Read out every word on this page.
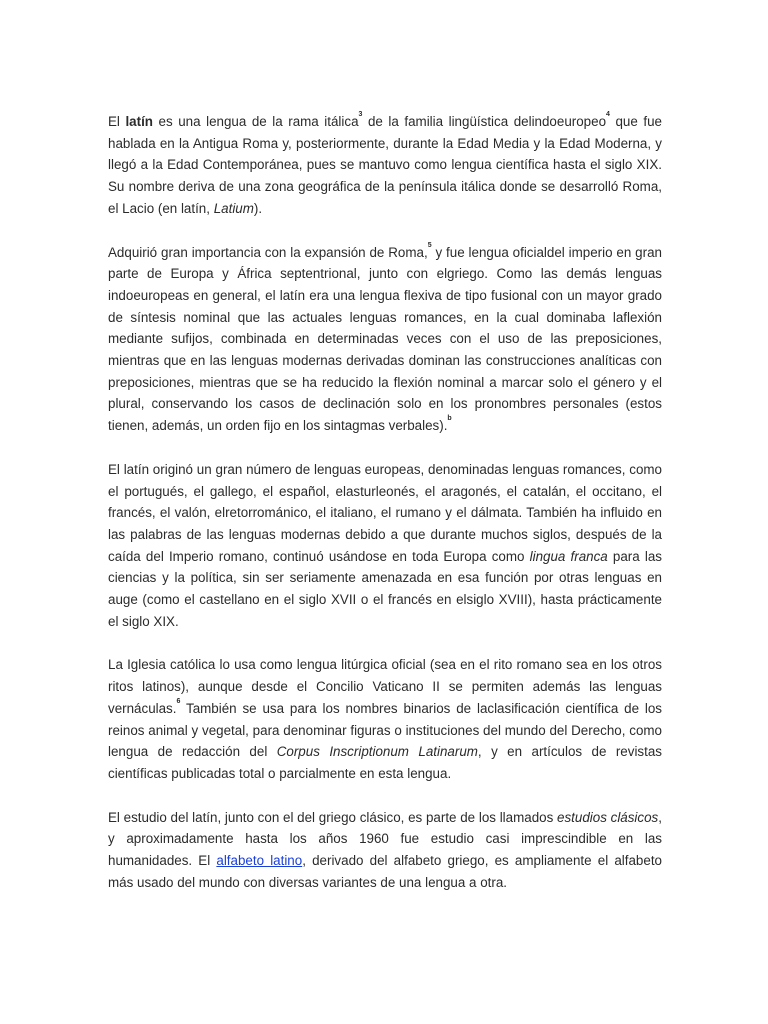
El latín es una lengua de la rama itálica$^3$ de la familia lingüística delindoeuropeo$^4$ que fue hablada en la Antigua Roma y, posteriormente, durante la Edad Media y la Edad Moderna, y llegó a la Edad Contemporánea, pues se mantuvo como lengua científica hasta el siglo XIX. Su nombre deriva de una zona geográfica de la península itálica donde se desarrolló Roma, el Lacio (en latín, Latium).

Adquirió gran importancia con la expansión de Roma,$^5$ y fue lengua oficialdel imperio en gran parte de Europa y África septentrional, junto con elgriego. Como las demás lenguas indoeuropeas en general, el latín era una lengua flexiva de tipo fusional con un mayor grado de síntesis nominal que las actuales lenguas romances, en la cual dominaba laflexión mediante sufijos, combinada en determinadas veces con el uso de las preposiciones, mientras que en las lenguas modernas derivadas dominan las construcciones analíticas con preposiciones, mientras que se ha reducido la flexión nominal a marcar solo el género y el plural, conservando los casos de declinación solo en los pronombres personales (estos tienen, además, un orden fijo en los sintagmas verbales).$^b$

El latín originó un gran número de lenguas europeas, denominadas lenguas romances, como el portugués, el gallego, el español, elasturleonés, el aragonés, el catalán, el occitano, el francés, el valón, elretorrománico, el italiano, el rumano y el dálmata. También ha influido en las palabras de las lenguas modernas debido a que durante muchos siglos, después de la caída del Imperio romano, continuó usándose en toda Europa como lingua franca para las ciencias y la política, sin ser seriamente amenazada en esa función por otras lenguas en auge (como el castellano en el siglo XVII o el francés en elsiglo XVIII), hasta prácticamente el siglo XIX.

La Iglesia católica lo usa como lengua litúrgica oficial (sea en el rito romano sea en los otros ritos latinos), aunque desde el Concilio Vaticano II se permiten además las lenguas vernáculas.$^6$ También se usa para los nombres binarios de laclasificación científica de los reinos animal y vegetal, para denominar figuras o instituciones del mundo del Derecho, como lengua de redacción del Corpus Inscriptionum Latinarum, y en artículos de revistas científicas publicadas total o parcialmente en esta lengua.

El estudio del latín, junto con el del griego clásico, es parte de los llamados estudios clásicos, y aproximadamente hasta los años 1960 fue estudio casi imprescindible en las humanidades. El alfabeto latino, derivado del alfabeto griego, es ampliamente el alfabeto más usado del mundo con diversas variantes de una lengua a otra.
